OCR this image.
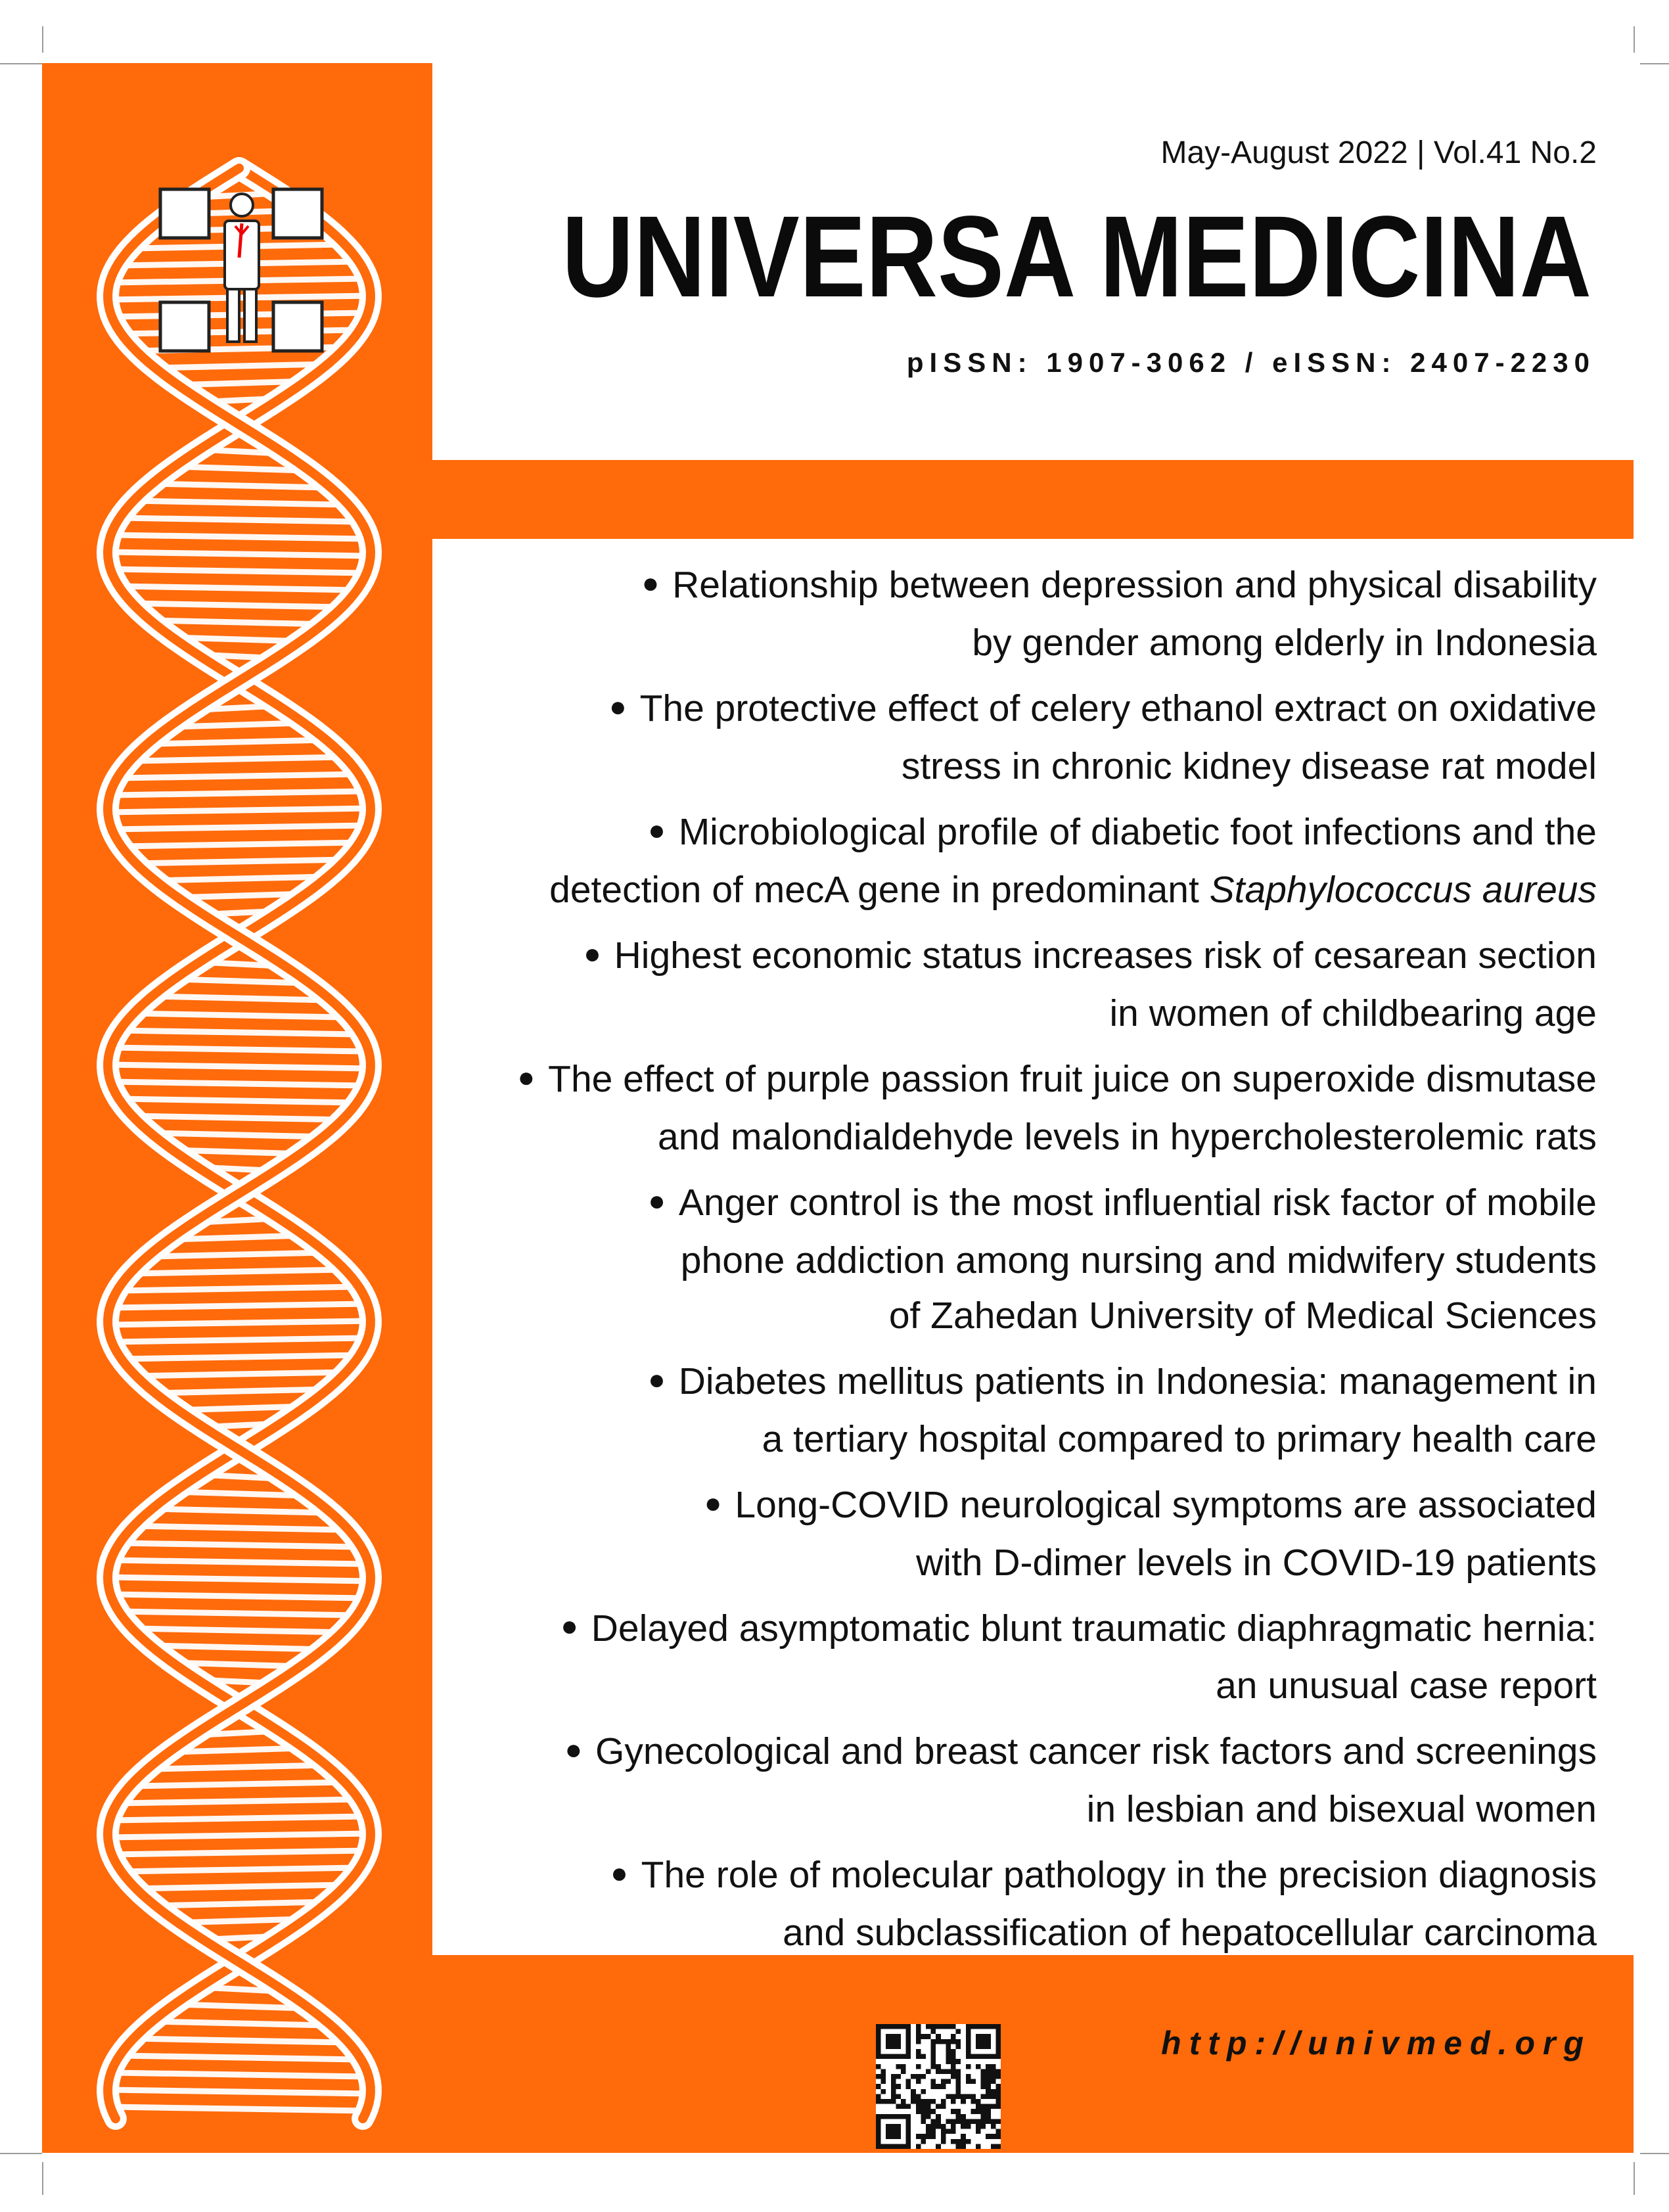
May-August 2022 | Vol.41 No.2
UNIVERSA MEDICINA
pISSN: 1907-3062 / eISSN: 2407-2230
● Relationship between depression and physical disability
by gender among elderly in Indonesia
● The protective effect of celery ethanol extract on oxidative
stress in chronic kidney disease rat model
● Microbiological profile of diabetic foot infections and the
detection of mecA gene in predominant Staphylococcus aureus
● Highest economic status increases risk of cesarean section
in women of childbearing age
● The effect of purple passion fruit juice on superoxide dismutase
and malondialdehyde levels in hypercholesterolemic rats
● Anger control is the most influential risk factor of mobile
phone addiction among nursing and midwifery students
of Zahedan University of Medical Sciences
● Diabetes mellitus patients in Indonesia: management in
a tertiary hospital compared to primary health care
● Long-COVID neurological symptoms are associated
with D-dimer levels in COVID-19 patients
● Delayed asymptomatic blunt traumatic diaphragmatic hernia:
an unusual case report
● Gynecological and breast cancer risk factors and screenings
in lesbian and bisexual women
● The role of molecular pathology in the precision diagnosis
and subclassification of hepatocellular carcinoma
http://univmed.org
